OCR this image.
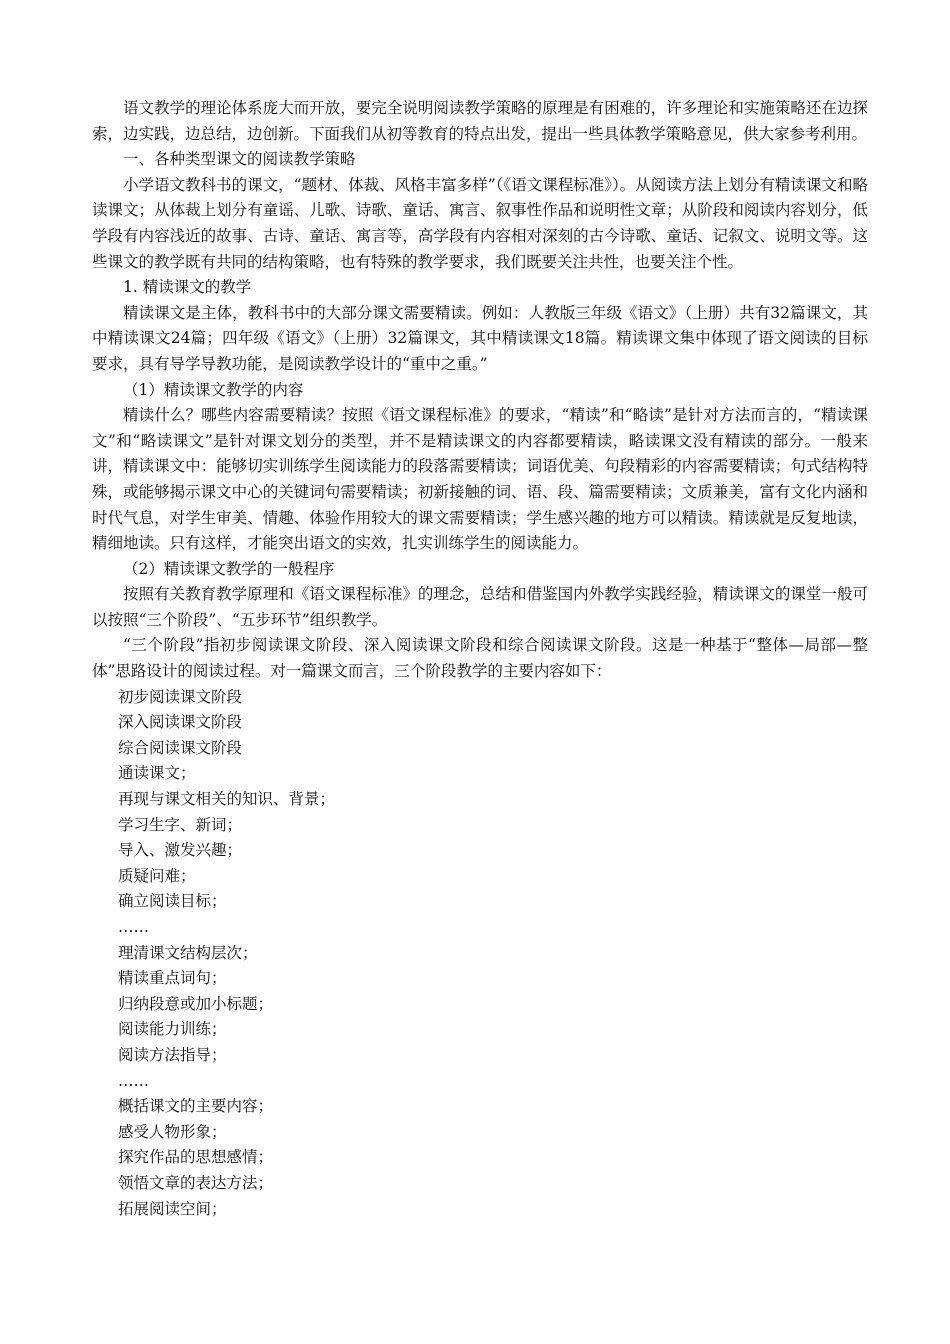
语文教学的理论体系庞大而开放，要完全说明阅读教学策略的原理是有困难的，许多理论和实施策略还在边探索，边实践，边总结，边创新。下面我们从初等教育的特点出发，提出一些具体教学策略意见，供大家参考利用。

一、各种类型课文的阅读教学策略

小学语文教科书的课文，“题材、体裁、风格丰富多样”（《语文课程标准》）。从阅读方法上划分有精读课文和略读课文；从体裁上划分有童谣、儿歌、诗歌、童话、寓言、叙事性作品和说明性文章；从阶段和阅读内容划分，低学段有内容浅近的故事、古诗、童话、寓言等，高学段有内容相对深刻的古今诗歌、童话、记叙文、说明文等。这些课文的教学既有共同的结构策略，也有特殊的教学要求，我们既要关注共性，也要关注个性。

1. 精读课文的教学

精读课文是主体，教科书中的大部分课文需要精读。例如：人教版三年级《语文》（上册）共有32篇课文，其中精读课文24篇；四年级《语文》（上册）32篇课文，其中精读课文18篇。精读课文集中体现了语文阅读的目标要求，具有导学导教功能，是阅读教学设计的“重中之重。”

（1）精读课文教学的内容

精读什么？哪些内容需要精读？按照《语文课程标准》的要求，“精读”和“略读”是针对方法而言的，“精读课文”和“略读课文”是针对课文划分的类型，并不是精读课文的内容都要精读，略读课文没有精读的部分。一般来讲，精读课文中：能够切实训练学生阅读能力的段落需要精读；词语优美、句段精彩的内容需要精读；句式结构特殊，或能够揭示课文中心的关键词句需要精读；初新接触的词、语、段、篇需要精读；文质兼美，富有文化内涵和时代气息，对学生审美、情趣、体验作用较大的课文需要精读；学生感兴趣的地方可以精读。精读就是反复地读，精细地读。只有这样，才能突出语文的实效，扎实训练学生的阅读能力。

（2）精读课文教学的一般程序

按照有关教育教学原理和《语文课程标准》的理念，总结和借鉴国内外教学实践经验，精读课文的课堂一般可以按照“三个阶段”、“五步环节”组织教学。

“三个阶段”指初步阅读课文阶段、深入阅读课文阶段和综合阅读课文阶段。这是一种基于“整体—局部—整体”思路设计的阅读过程。对一篇课文而言，三个阶段教学的主要内容如下：

初步阅读课文阶段

深入阅读课文阶段

综合阅读课文阶段

通读课文；

再现与课文相关的知识、背景；

学习生字、新词；

导入、激发兴趣；

质疑问难；

确立阅读目标；

……

理清课文结构层次；

精读重点词句；

归纳段意或加小标题；

阅读能力训练；

阅读方法指导；

……

概括课文的主要内容；

感受人物形象；

探究作品的思想感情；

领悟文章的表达方法；

拓展阅读空间；
